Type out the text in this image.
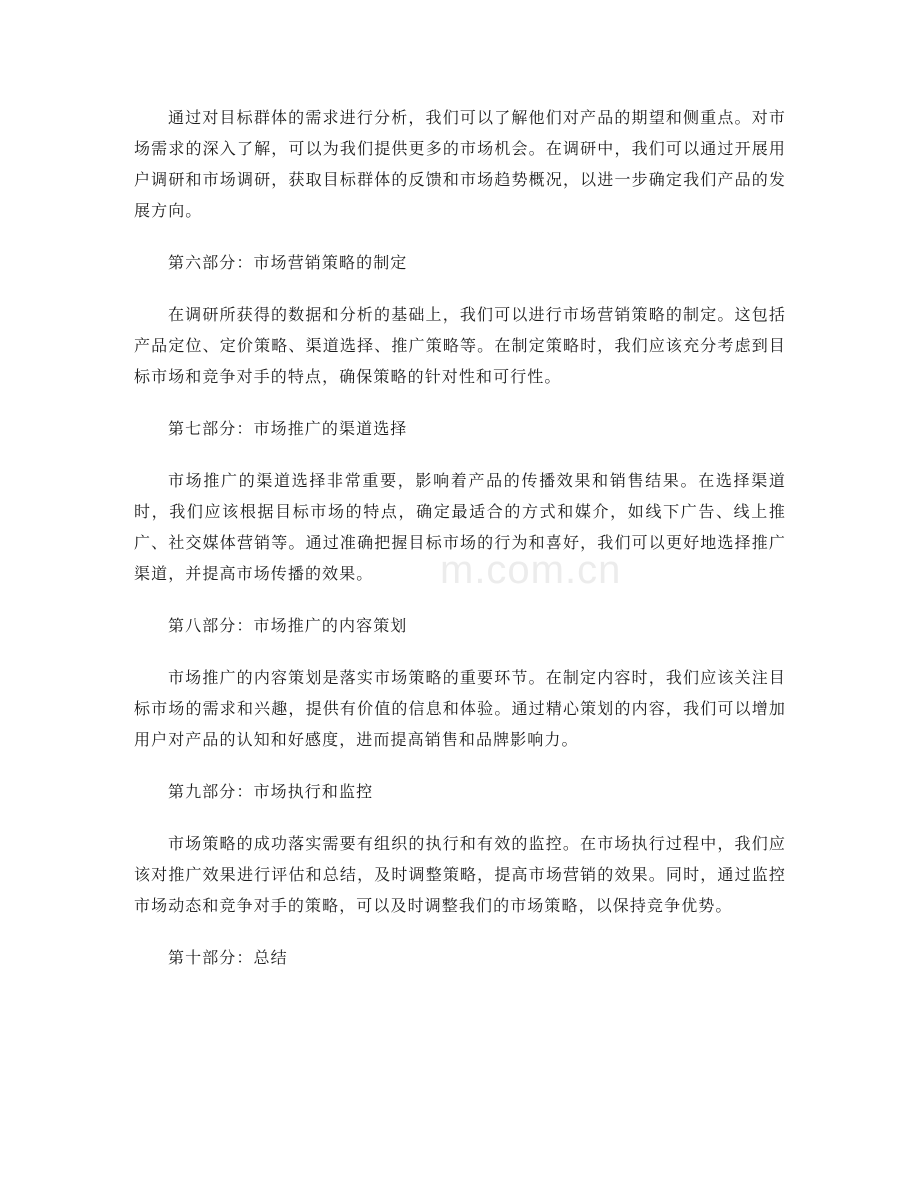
通过对目标群体的需求进行分析，我们可以了解他们对产品的期望和侧重点。对市场需求的深入了解，可以为我们提供更多的市场机会。在调研中，我们可以通过开展用户调研和市场调研，获取目标群体的反馈和市场趋势概况，以进一步确定我们产品的发展方向。

第六部分：市场营销策略的制定

在调研所获得的数据和分析的基础上，我们可以进行市场营销策略的制定。这包括产品定位、定价策略、渠道选择、推广策略等。在制定策略时，我们应该充分考虑到目标市场和竞争对手的特点，确保策略的针对性和可行性。

第七部分：市场推广的渠道选择

市场推广的渠道选择非常重要，影响着产品的传播效果和销售结果。在选择渠道时，我们应该根据目标市场的特点，确定最适合的方式和媒介，如线下广告、线上推广、社交媒体营销等。通过准确把握目标市场的行为和喜好，我们可以更好地选择推广渠道，并提高市场传播的效果。

第八部分：市场推广的内容策划

市场推广的内容策划是落实市场策略的重要环节。在制定内容时，我们应该关注目标市场的需求和兴趣，提供有价值的信息和体验。通过精心策划的内容，我们可以增加用户对产品的认知和好感度，进而提高销售和品牌影响力。

第九部分：市场执行和监控

市场策略的成功落实需要有组织的执行和有效的监控。在市场执行过程中，我们应该对推广效果进行评估和总结，及时调整策略，提高市场营销的效果。同时，通过监控市场动态和竞争对手的策略，可以及时调整我们的市场策略，以保持竞争优势。

第十部分：总结

m.com.cn
